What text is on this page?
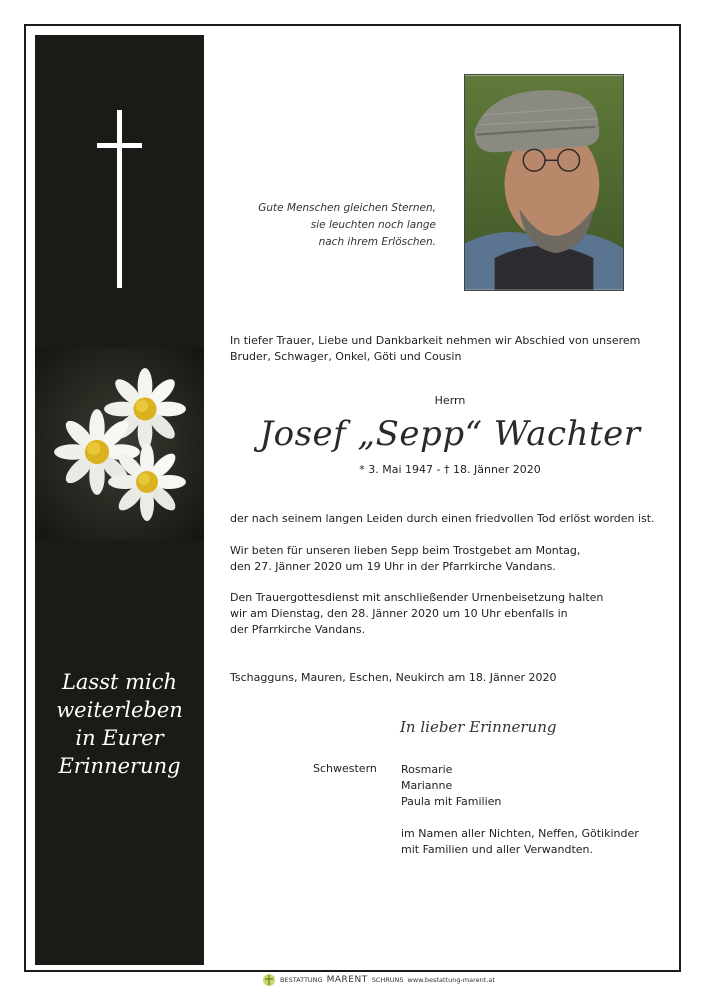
Lasst mich
weiterleben
in Eurer
Erinnerung
Gute Menschen gleichen Sternen,
sie leuchten noch lange
nach ihrem Erlöschen.
In tiefer Trauer, Liebe und Dankbarkeit nehmen wir Abschied von unserem
Bruder, Schwager, Onkel, Göti und Cousin
Herrn
Josef „Sepp“ Wachter
* 3. Mai 1947 - † 18. Jänner 2020
der nach seinem langen Leiden durch einen friedvollen Tod erlöst worden ist.
Wir beten für unseren lieben Sepp beim Trostgebet am Montag,
den 27. Jänner 2020 um 19 Uhr in der Pfarrkirche Vandans.
Den Trauergottesdienst mit anschließender Urnenbeisetzung halten
wir am Dienstag, den 28. Jänner 2020 um 10 Uhr ebenfalls in
der Pfarrkirche Vandans.
Tschagguns, Mauren, Eschen, Neukirch am 18. Jänner 2020
In lieber Erinnerung
Schwestern Rosmarie
Marianne
Paula mit Familien
im Namen aller Nichten, Neffen, Götikinder
mit Familien und aller Verwandten.
BESTATTUNG MARENT SCHRUNS www.bestattung-marent.at
